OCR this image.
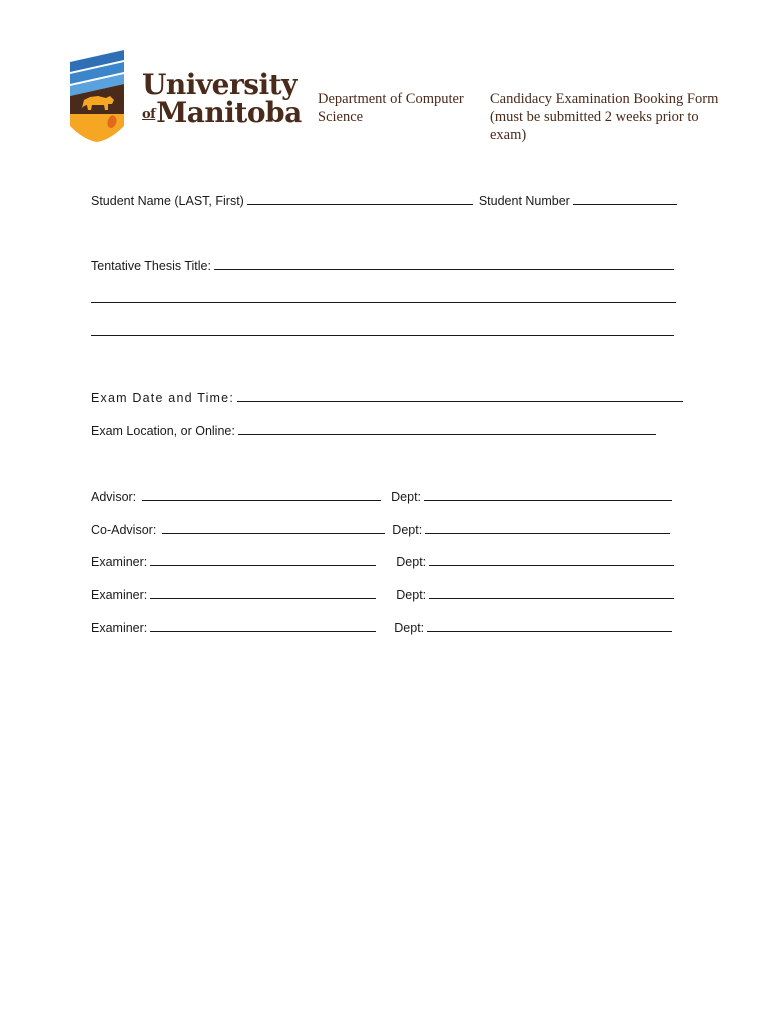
University
ofManitoba Department of Computer Science
Candidacy Examination Booking Form (must be submitted 2 weeks prior to exam)
Student Name (LAST, First)	Student Number
Tentative Thesis Title:
Exam Date and Time:
Exam Location, or Online:
Advisor:	Dept:
Co-Advisor:	Dept:
Examiner:	Dept:
Examiner:	Dept:
Examiner:	Dept:
